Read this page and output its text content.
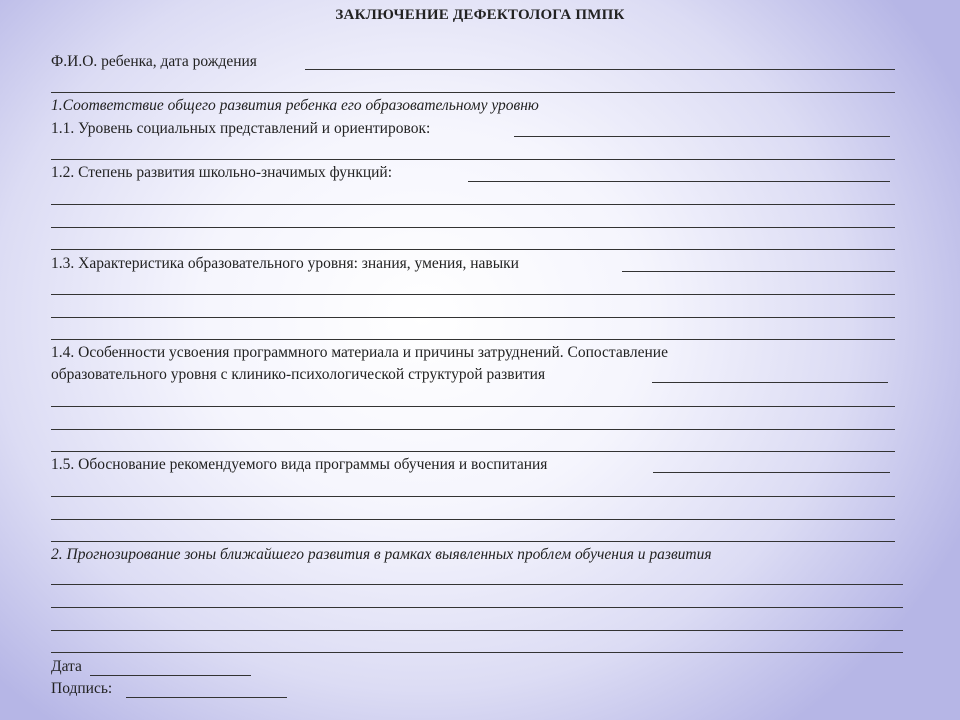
ЗАКЛЮЧЕНИЕ ДЕФЕКТОЛОГА ПМПК
Ф.И.О. ребенка, дата рождения
1.Соответствие общего развития ребенка его образовательному уровню
1.1. Уровень социальных представлений и ориентировок:
1.2. Степень развития школьно-значимых функций:
1.3. Характеристика образовательного уровня: знания, умения, навыки
1.4. Особенности усвоения программного материала и причины затруднений. Сопоставление
образовательного уровня с клинико-психологической структурой развития
1.5. Обоснование рекомендуемого вида программы обучения и воспитания
2. Прогнозирование зоны ближайшего развития в рамках выявленных проблем обучения и развития
Дата
Подпись:
